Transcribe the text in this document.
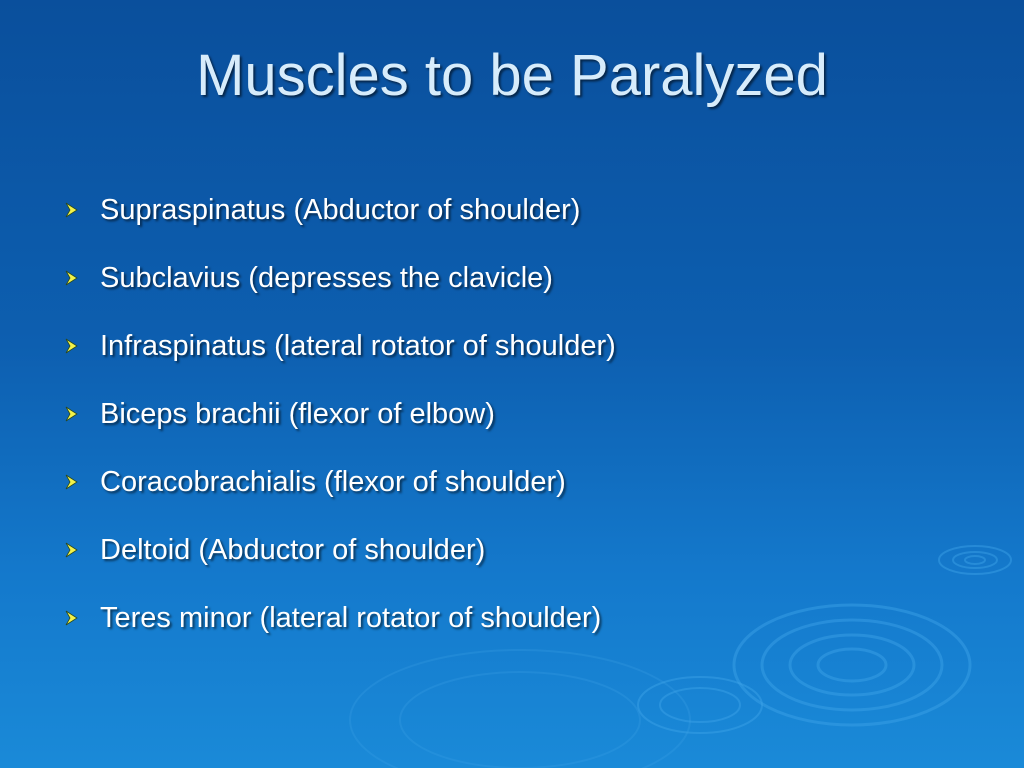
Muscles to be Paralyzed
Supraspinatus (Abductor of shoulder)
Subclavius (depresses the clavicle)
Infraspinatus (lateral rotator of shoulder)
Biceps brachii (flexor of elbow)
Coracobrachialis (flexor of shoulder)
Deltoid (Abductor of shoulder)
Teres minor (lateral rotator of shoulder)
